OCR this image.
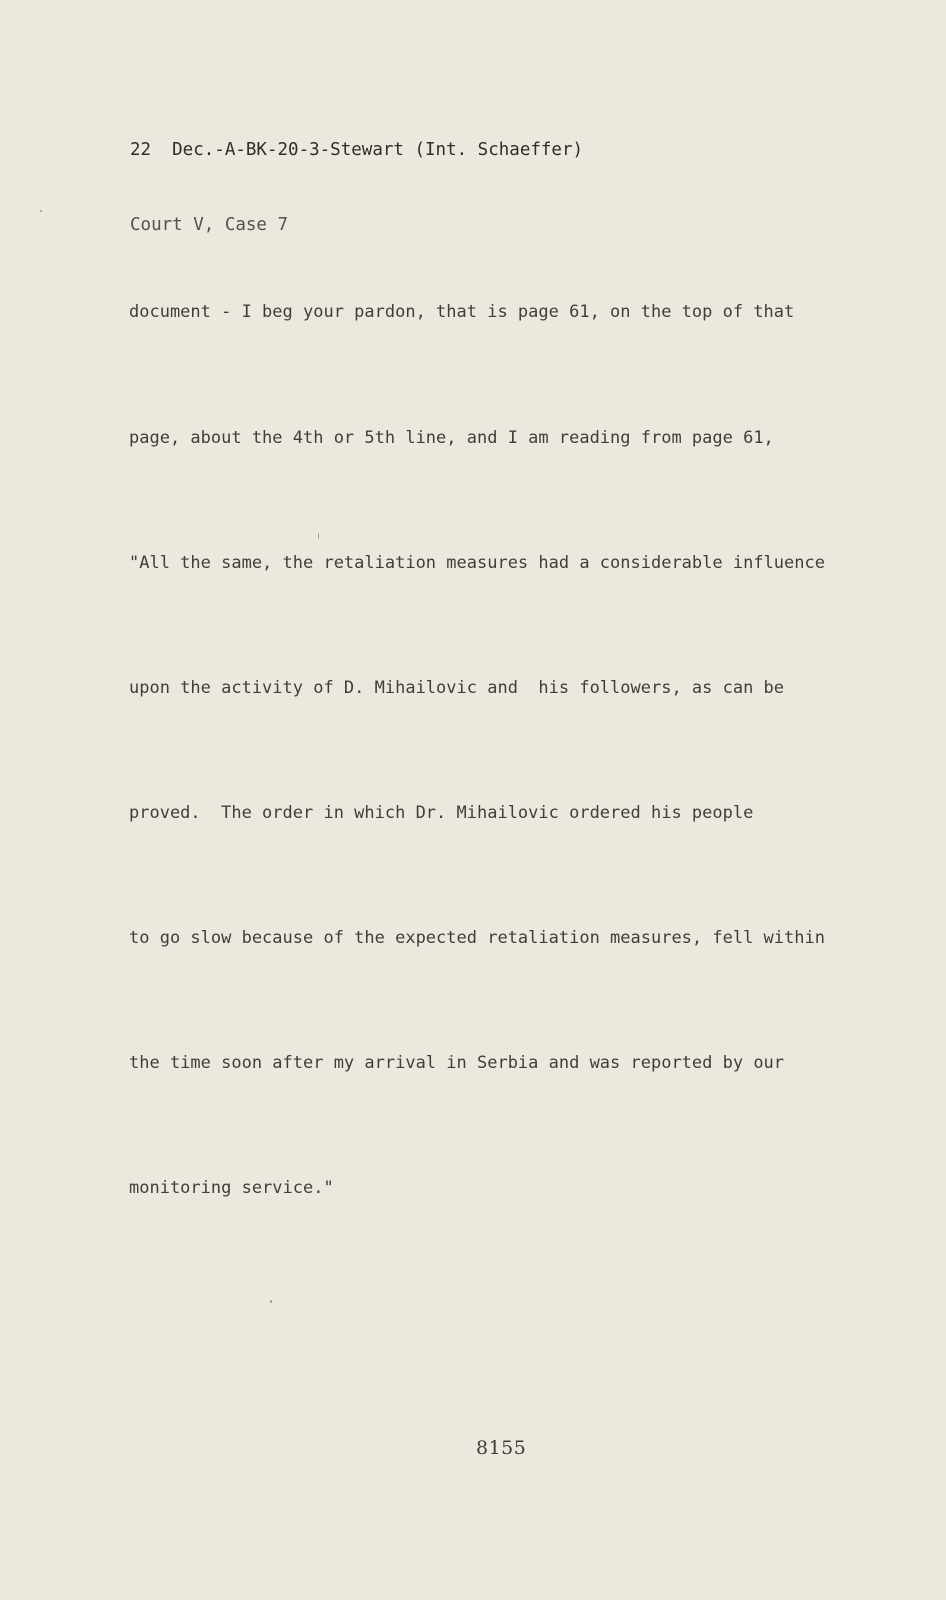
22  Dec.-A-BK-20-3-Stewart (Int. Schaeffer)

Court V, Case 7

document - I beg your pardon, that is page 61, on the top of that

page, about the 4th or 5th line, and I am reading from page 61,

"All the same, the retaliation measures had a considerable influence

upon the activity of D. Mihailovic and  his followers, as can be

proved.  The order in which Dr. Mihailovic ordered his people

to go slow because of the expected retaliation measures, fell within

the time soon after my arrival in Serbia and was reported by our

monitoring service."

8155
